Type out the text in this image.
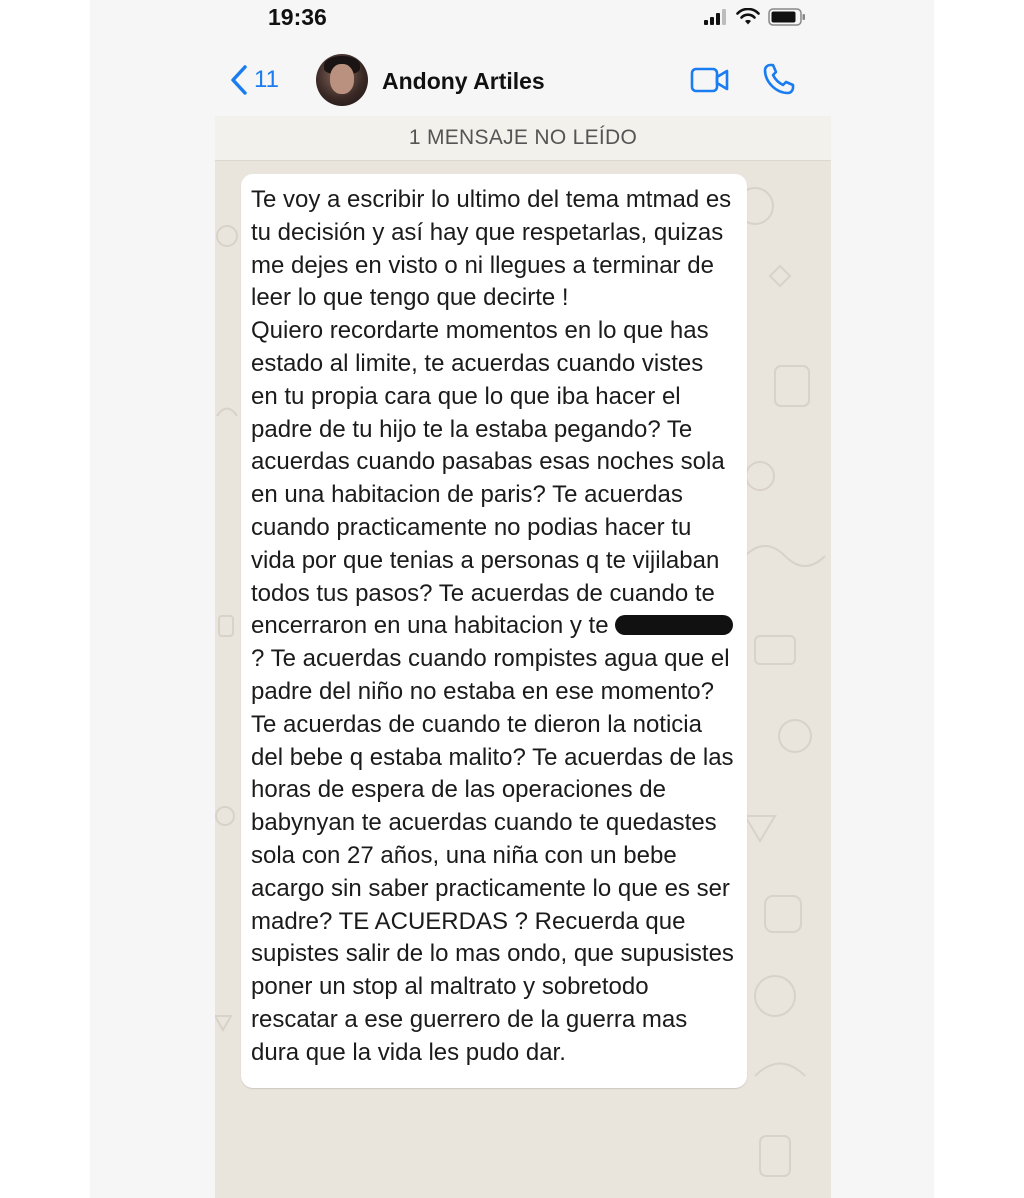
19:36
11	Andony Artiles
1 MENSAJE NO LEÍDO
Te voy a escribir lo ultimo del tema mtmad es tu decisión y así hay que respetarlas, quizas me dejes en visto o ni llegues a terminar de leer lo que tengo que decirte !
Quiero recordarte momentos en lo que has estado al limite, te acuerdas cuando vistes en tu propia cara que lo que iba hacer el padre de tu hijo te la estaba pegando? Te acuerdas cuando pasabas esas noches sola en una habitacion de paris? Te acuerdas cuando practicamente no podias hacer tu vida por que tenias a personas q te vijilaban todos tus pasos? Te acuerdas de cuando te encerraron en una habitacion y te ? Te acuerdas cuando rompistes agua que el padre del niño no estaba en ese momento? Te acuerdas de cuando te dieron la noticia del bebe q estaba malito? Te acuerdas de las horas de espera de las operaciones de babynyan te acuerdas cuando te quedastes sola con 27 años, una niña con un bebe acargo sin saber practicamente lo que es ser madre? TE ACUERDAS ? Recuerda que supistes salir de lo mas ondo, que supusistes poner un stop al maltrato y sobretodo rescatar a ese guerrero de la guerra mas dura que la vida les pudo dar.
